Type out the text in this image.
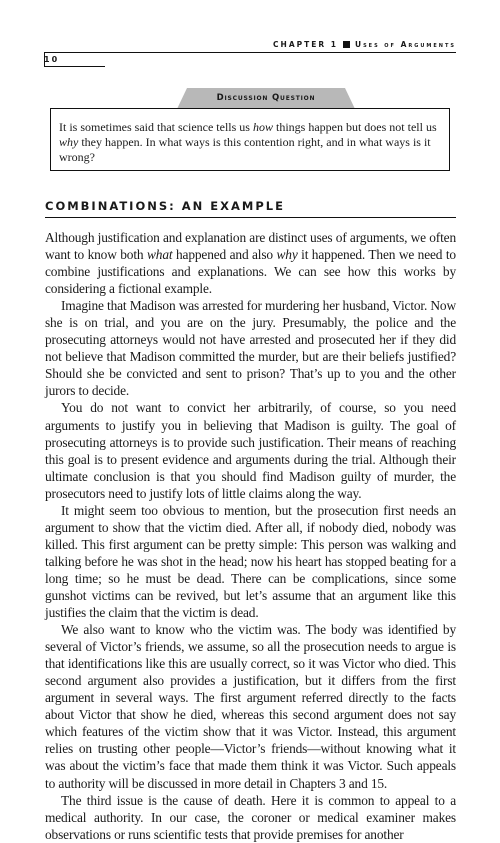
CHAPTER 1 Uses of Arguments
10
Discussion Question
It is sometimes said that science tells us how things happen but does not tell us why they happen. In what ways is this contention right, and in what ways is it wrong?
COMBINATIONS: AN EXAMPLE

Although justification and explanation are distinct uses of arguments, we often want to know both what happened and also why it happened. Then we need to combine justifications and explanations. We can see how this works by considering a fictional example.

Imagine that Madison was arrested for murdering her husband, Victor. Now she is on trial, and you are on the jury. Presumably, the police and the prosecuting attorneys would not have arrested and prosecuted her if they did not believe that Madison committed the murder, but are their beliefs justified? Should she be convicted and sent to prison? That’s up to you and the other jurors to decide.

You do not want to convict her arbitrarily, of course, so you need arguments to justify you in believing that Madison is guilty. The goal of prosecuting attorneys is to provide such justification. Their means of reaching this goal is to present evidence and arguments during the trial. Although their ultimate conclusion is that you should find Madison guilty of murder, the prosecutors need to justify lots of little claims along the way.

It might seem too obvious to mention, but the prosecution first needs an argument to show that the victim died. After all, if nobody died, nobody was killed. This first argument can be pretty simple: This person was walking and talking before he was shot in the head; now his heart has stopped beating for a long time; so he must be dead. There can be complications, since some gunshot victims can be revived, but let’s assume that an argument like this justifies the claim that the victim is dead.

We also want to know who the victim was. The body was identified by several of Victor’s friends, we assume, so all the prosecution needs to argue is that identifications like this are usually correct, so it was Victor who died. This second argument also provides a justification, but it differs from the first argument in several ways. The first argument referred directly to the facts about Victor that show he died, whereas this second argument does not say which features of the victim show that it was Victor. Instead, this argument relies on trusting other people—Victor’s friends—without knowing what it was about the victim’s face that made them think it was Victor. Such appeals to authority will be discussed in more detail in Chapters 3 and 15.

The third issue is the cause of death. Here it is common to appeal to a medical authority. In our case, the coroner or medical examiner makes observations or runs scientific tests that provide premises for another
